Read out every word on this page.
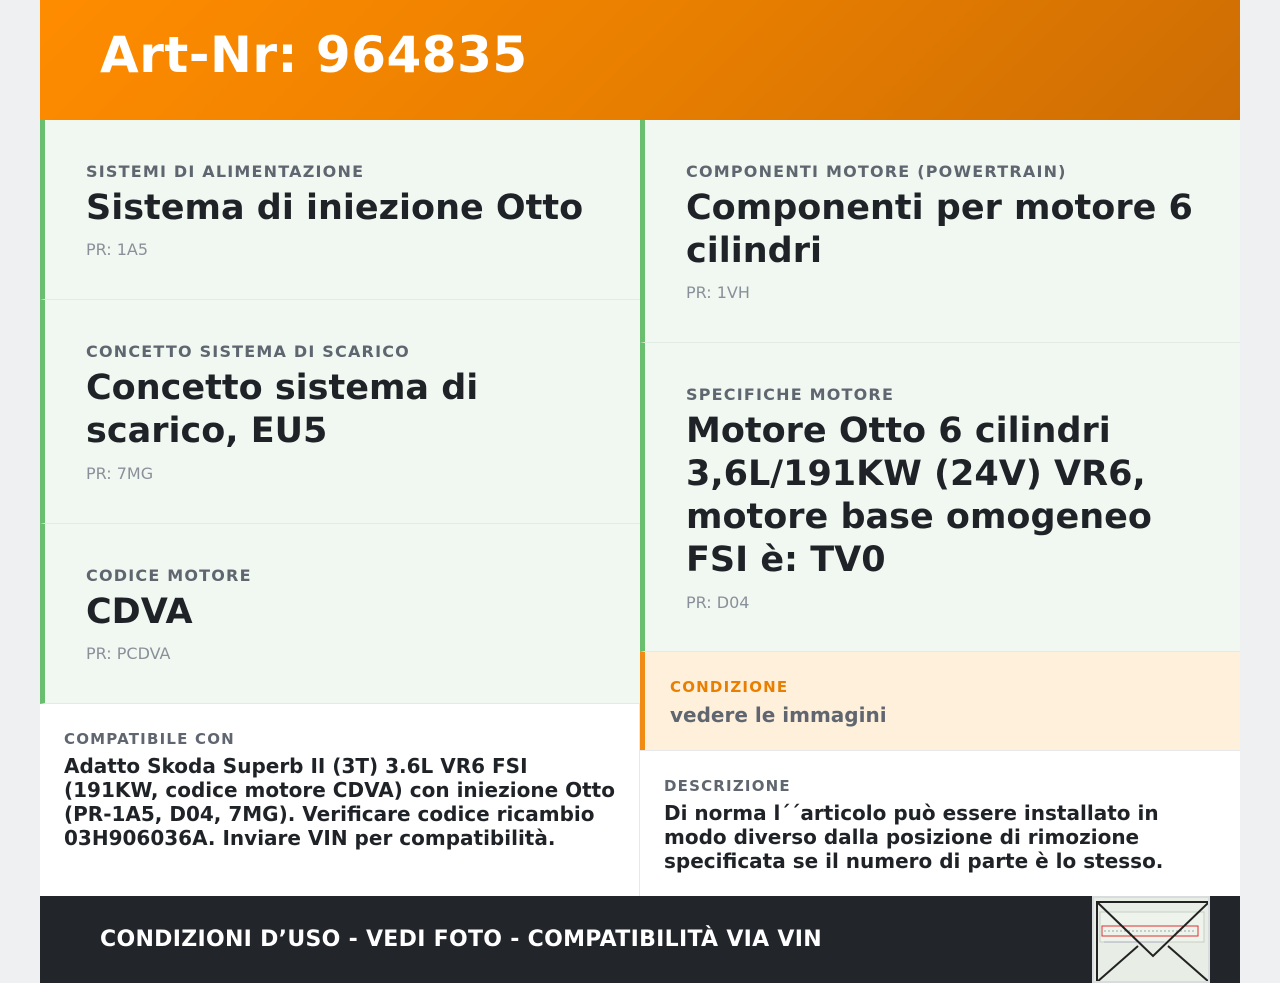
Art-Nr: 964835
SISTEMI DI ALIMENTAZIONE
Sistema di iniezione Otto
PR: 1A5
CONCETTO SISTEMA DI SCARICO
Concetto sistema di scarico, EU5
PR: 7MG
CODICE MOTORE
CDVA
PR: PCDVA
COMPONENTI MOTORE (POWERTRAIN)
Componenti per motore 6 cilindri
PR: 1VH
SPECIFICHE MOTORE
Motore Otto 6 cilindri 3,6L/191KW (24V) VR6, motore base omogeneo FSI è: TV0
PR: D04
CONDIZIONE
vedere le immagini
COMPATIBILE CON
Adatto Skoda Superb II (3T) 3.6L VR6 FSI (191KW, codice motore CDVA) con iniezione Otto (PR-1A5, D04, 7MG). Verificare codice ricambio 03H906036A. Inviare VIN per compatibilità.
DESCRIZIONE
Di norma l´´articolo può essere installato in modo diverso dalla posizione di rimozione specificata se il numero di parte è lo stesso.
CONDIZIONI D’USO - VEDI FOTO - COMPATIBILITÀ VIA VIN
